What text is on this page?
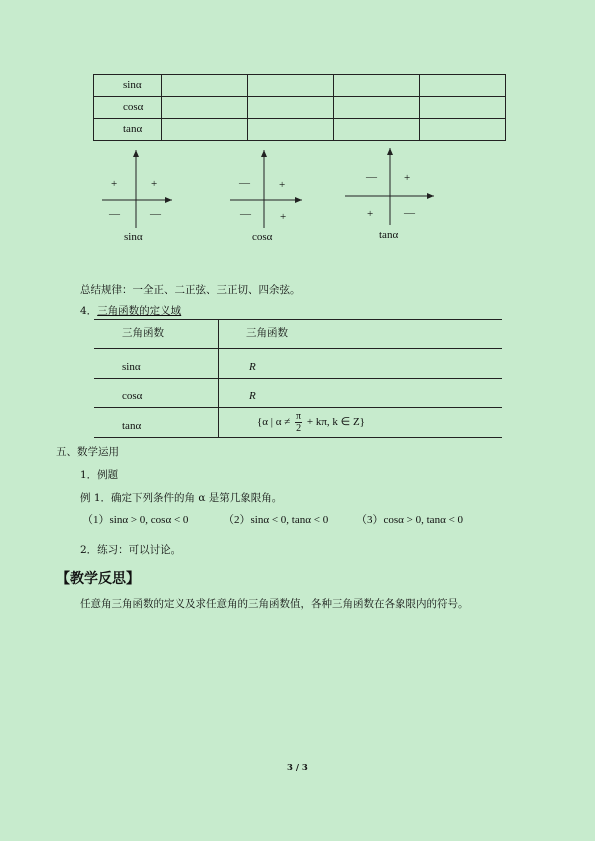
sinα				
cosα				
tanα				
+
+
—	—
sinα
+
—
—	+
cosα
+
—
+	—
tanα
总结规律：一全正、二正弦、三正切、四余弦。
4．三角函数的定义域
三角函数	三角函数
sinα	R
cosα	R
tanα	{α | $\alpha \ne \frac{\pi}{2} + k\pi$, k ∈ Z}
五、数学运用
1．例题
例 1．确定下列条件的角 α 是第几象限角。
（1）sinα > 0, cosα < 0	（2）sinα < 0, tanα < 0	（3）cosα > 0, tanα < 0
2．练习：可以讨论。
【教学反思】
任意角三角函数的定义及求任意角的三角函数值，各种三角函数在各象限内的符号。
3 / 3
